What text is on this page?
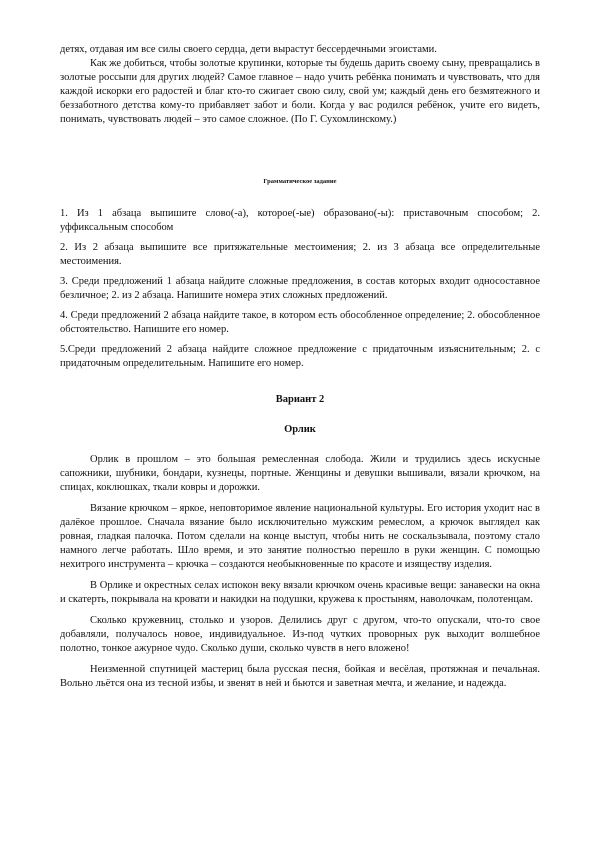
детях, отдавая им все силы своего сердца, дети вырастут бессердечными эгоистами.

Как же добиться, чтобы золотые крупинки, которые ты будешь дарить своему сыну, превращались в золотые россыпи для других людей? Самое главное – надо учить ребёнка понимать и чувствовать, что для каждой искорки его радостей и благ кто-то сжигает свою силу, свой ум; каждый день его безмятежного и беззаботного детства кому-то прибавляет забот и боли. Когда у вас родился ребёнок, учите его видеть, понимать, чувствовать людей – это самое сложное. (По Г. Сухомлинскому.)

Грамматическое задание

1. Из 1 абзаца выпишите слово(-а), которое(-ые) образовано(-ы): приставочным способом; 2. уффиксальным способом

2. Из 2 абзаца выпишите все притяжательные местоимения; 2. из 3 абзаца все определительные местоимения.

3. Среди предложений 1 абзаца найдите сложные предложения, в состав которых входит односоставное безличное; 2. из 2 абзаца. Напишите номера этих сложных предложений.

4. Среди предложений 2 абзаца найдите такое, в котором есть обособленное определение; 2. обособленное обстоятельство. Напишите его номер.

5.Среди предложений 2 абзаца найдите сложное предложение с придаточным изъяснительным; 2. с придаточным определительным. Напишите его номер.

Вариант 2

Орлик

Орлик в прошлом – это большая ремесленная слобода. Жили и трудились здесь искусные сапожники, шубники, бондари, кузнецы, портные. Женщины и девушки вышивали, вязали крючком, на спицах, коклюшках, ткали ковры и дорожки.

Вязание крючком – яркое, неповторимое явление национальной культуры. Его история уходит нас в далёкое прошлое. Сначала вязание было исключительно мужским ремеслом, а крючок выглядел как ровная, гладкая палочка. Потом сделали на конце выступ, чтобы нить не соскальзывала, поэтому стало намного легче работать. Шло время, и это занятие полностью перешло в руки женщин. С помощью нехитрого инструмента – крючка – создаются необыкновенные по красоте и изяществу изделия.

В Орлике и окрестных селах испокон веку вязали крючком очень красивые вещи: занавески на окна и скатерть, покрывала на кровати и накидки на подушки, кружева к простыням, наволочкам, полотенцам.

Сколько кружевниц, столько и узоров. Делились друг с другом, что-то опускали, что-то свое добавляли, получалось новое, индивидуальное. Из-под чутких проворных рук выходит волшебное полотно, тонкое ажурное чудо. Сколько души, сколько чувств в него вложено!

Неизменной спутницей мастериц была русская песня, бойкая и весёлая, протяжная и печальная. Вольно льётся она из тесной избы, и звенят в ней и бьются и заветная мечта, и желание, и надежда.
